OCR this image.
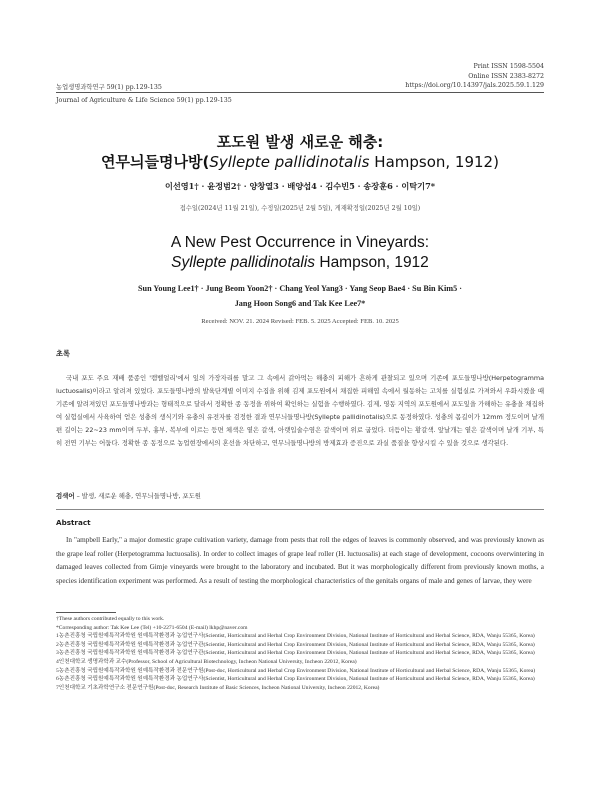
Print ISSN 1598-5504
Online ISSN 2383-8272
농업생명과학연구 59(1) pp.129-135	https://doi.org/10.14397/jals.2025.59.1.129
Journal of Agriculture & Life Science 59(1) pp.129-135
포도원 발생 새로운 해충:
연무늬들명나방(Syllepte pallidinotalis Hampson, 1912)
이선영1† · 윤정범2† · 양창열3 · 배양섭4 · 김수빈5 · 송장훈6 · 이탁기7*
접수일(2024년 11월 21일), 수정일(2025년 2월 5일), 게재확정일(2025년 2월 10일)
A New Pest Occurrence in Vineyards:
Syllepte pallidinotalis Hampson, 1912
Sun Young Lee1† · Jung Beom Yoon2† · Chang Yeol Yang3 · Yang Seop Bae4 · Su Bin Kim5 ·
Jang Hoon Song6 and Tak Kee Lee7*
Received: NOV. 21. 2024 Revised: FEB. 5. 2025 Accepted: FEB. 10. 2025
초록

국내 포도 주요 재배 품종인 '캠벨얼리'에서 잎의 가장자리를 말고 그 속에서 갉아먹는 해충의 피해가 흔하게 관찰되고 있으며 기존에 포도들명나방(Herpetogramma luctuosalis)이라고 알려져 있었다. 포도들명나방의 발육단계별 이미지 수집을 위해 김제 포도원에서 채집한 피해엽 속에서 월동하는 고치를 실험실로 가져와서 우화시켰을 때 기존에 알려져있던 포도들명나방과는 형태적으로 달라서 정확한 종 동정을 위하여 확인하는 실험을 수행하였다. 김제, 영동 지역의 포도원에서 포도잎을 가해하는 유충을 채집하여 실험실에서 사육하여 얻은 성충의 생식기와 유충의 유전자를 검정한 결과 연무늬들명나방(Syllepte pallidinotalis)으로 동정하였다. 성충의 몸길이가 12mm 정도이며 날개 편 길이는 22∼23 mm이며 두부, 흉부, 복부에 이르는 등면 체색은 옅은 갈색, 아랫입술수염은 갈색이며 위로 굽었다. 더듬이는 황갈색. 앞날개는 옅은 갈색이며 날개 기부, 특히 전연 기부는 어둡다. 정확한 종 동정으로 농업현장에서의 혼선을 차단하고, 연무늬들명나방의 방제효과 증진으로 과실 품질을 향상시킬 수 있을 것으로 생각된다.

검색어 – 발생, 새로운 해충, 연무늬들명나방, 포도원
Abstract

In "ampbell Early," a major domestic grape cultivation variety, damage from pests that roll the edges of leaves is commonly observed, and was previously known as the grape leaf roller (Herpetogramma luctuosalis). In order to collect images of grape leaf roller (H. luctuosalis) at each stage of development, cocoons overwintering in damaged leaves collected from Gimje vineyards were brought to the laboratory and incubated. But it was morphologically different from previously known moths, a species identification experiment was performed. As a result of testing the morphological characteristics of the genitals organs of male and genes of larvae, they were

†These authors contributed equally to this work.
*Corresponding author: Tak Kee Lee (Tel) +10-2271-6504 (E-mail) lkhp@naver.com
1농촌진흥청 국립원예특작과학원 원예특작환경과 농업연구사(Scientist, Horticultural and Herbal Crop Environment Division, National Institute of Horticultural and Herbal Science, RDA, Wanju 55365, Korea)
2농촌진흥청 국립원예특작과학원 원예특작환경과 농업연구관(Scientist, Horticultural and Herbal Crop Environment Division, National Institute of Horticultural and Herbal Science, RDA, Wanju 55365, Korea)
3농촌진흥청 국립원예특작과학원 원예특작환경과 농업연구관(Scientist, Horticultural and Herbal Crop Environment Division, National Institute of Horticultural and Herbal Science, RDA, Wanju 55365, Korea)
4인천대학교 생명과학과 교수(Professor, School of Agricultural Biotechnology, Incheon National University, Incheon 22012, Korea)
5농촌진흥청 국립원예특작과학원 원예특작환경과 전문연구원(Post-doc, Horticultural and Herbal Crop Environment Division, National Institute of Horticultural and Herbal Science, RDA, Wanju 55365, Korea)
6농촌진흥청 국립원예특작과학원 원예특작환경과 농업연구사(Scientist, Horticultural and Herbal Crop Environment Division, National Institute of Horticultural and Herbal Science, RDA, Wanju 55365, Korea)
7인천대학교 기초과학연구소 전문연구원(Post-doc, Research Institute of Basic Sciences, Incheon National University, Incheon 22012, Korea)
